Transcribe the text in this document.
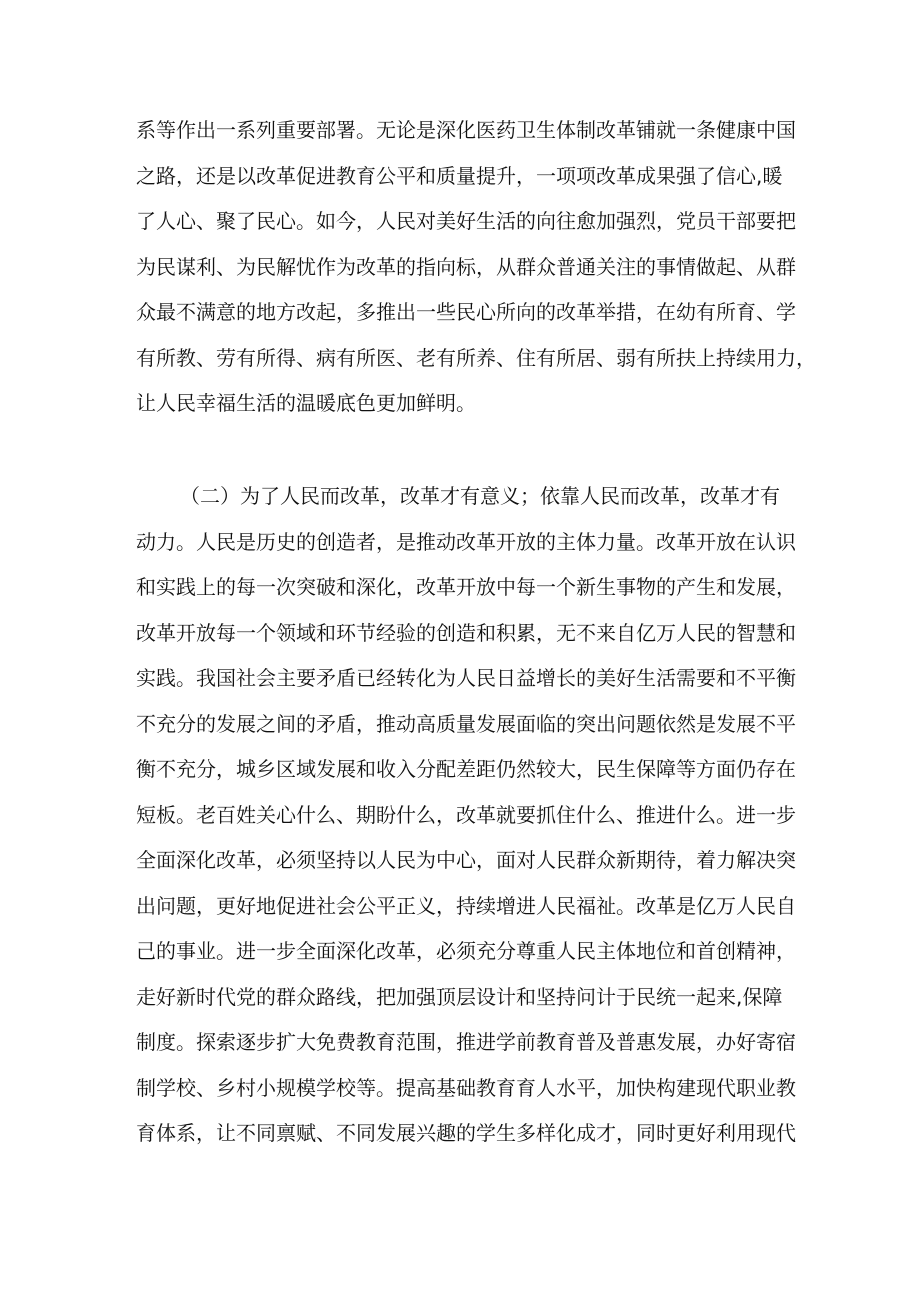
系等作出一系列重要部署。无论是深化医药卫生体制改革铺就一条健康中国
之路，还是以改革促进教育公平和质量提升，一项项改革成果强了信心,暖
了人心、聚了民心。如今，人民对美好生活的向往愈加强烈，党员干部要把
为民谋利、为民解忧作为改革的指向标，从群众普通关注的事情做起、从群
众最不满意的地方改起，多推出一些民心所向的改革举措，在幼有所育、学
有所教、劳有所得、病有所医、老有所养、住有所居、弱有所扶上持续用力，
让人民幸福生活的温暖底色更加鲜明。
（二）为了人民而改革，改革才有意义；依靠人民而改革，改革才有
动力。人民是历史的创造者，是推动改革开放的主体力量。改革开放在认识
和实践上的每一次突破和深化，改革开放中每一个新生事物的产生和发展，
改革开放每一个领域和环节经验的创造和积累，无不来自亿万人民的智慧和
实践。我国社会主要矛盾已经转化为人民日益增长的美好生活需要和不平衡
不充分的发展之间的矛盾，推动高质量发展面临的突出问题依然是发展不平
衡不充分，城乡区域发展和收入分配差距仍然较大，民生保障等方面仍存在
短板。老百姓关心什么、期盼什么，改革就要抓住什么、推进什么。进一步
全面深化改革，必须坚持以人民为中心，面对人民群众新期待，着力解决突
出问题，更好地促进社会公平正义，持续增进人民福祉。改革是亿万人民自
己的事业。进一步全面深化改革，必须充分尊重人民主体地位和首创精神，
走好新时代党的群众路线，把加强顶层设计和坚持问计于民统一起来,保障
制度。探索逐步扩大免费教育范围，推进学前教育普及普惠发展，办好寄宿
制学校、乡村小规模学校等。提高基础教育育人水平，加快构建现代职业教
育体系，让不同禀赋、不同发展兴趣的学生多样化成才，同时更好利用现代
